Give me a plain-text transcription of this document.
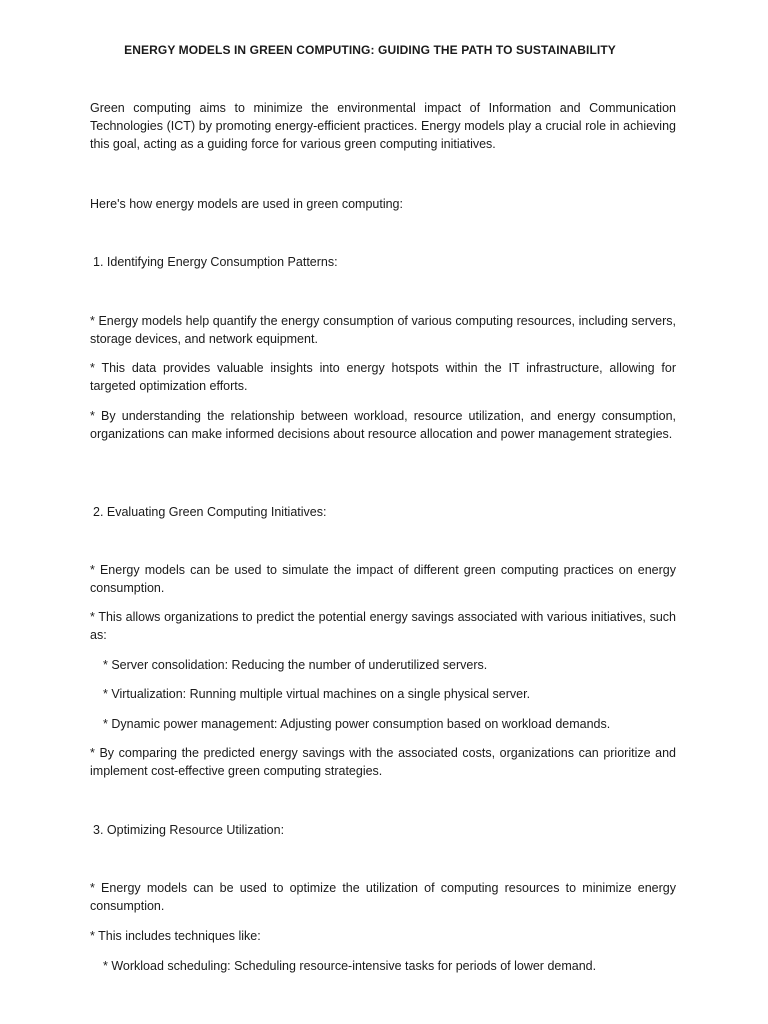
ENERGY MODELS IN GREEN COMPUTING: GUIDING THE PATH TO SUSTAINABILITY

Green computing aims to minimize the environmental impact of Information and Communication Technologies (ICT) by promoting energy-efficient practices. Energy models play a crucial role in achieving this goal, acting as a guiding force for various green computing initiatives.

Here's how energy models are used in green computing:

1. Identifying Energy Consumption Patterns:

* Energy models help quantify the energy consumption of various computing resources, including servers, storage devices, and network equipment.

* This data provides valuable insights into energy hotspots within the IT infrastructure, allowing for targeted optimization efforts.

* By understanding the relationship between workload, resource utilization, and energy consumption, organizations can make informed decisions about resource allocation and power management strategies.

2. Evaluating Green Computing Initiatives:

* Energy models can be used to simulate the impact of different green computing practices on energy consumption.

* This allows organizations to predict the potential energy savings associated with various initiatives, such as:

* Server consolidation: Reducing the number of underutilized servers.

* Virtualization: Running multiple virtual machines on a single physical server.

* Dynamic power management: Adjusting power consumption based on workload demands.

* By comparing the predicted energy savings with the associated costs, organizations can prioritize and implement cost-effective green computing strategies.

3. Optimizing Resource Utilization:

* Energy models can be used to optimize the utilization of computing resources to minimize energy consumption.

* This includes techniques like:

* Workload scheduling: Scheduling resource-intensive tasks for periods of lower demand.
